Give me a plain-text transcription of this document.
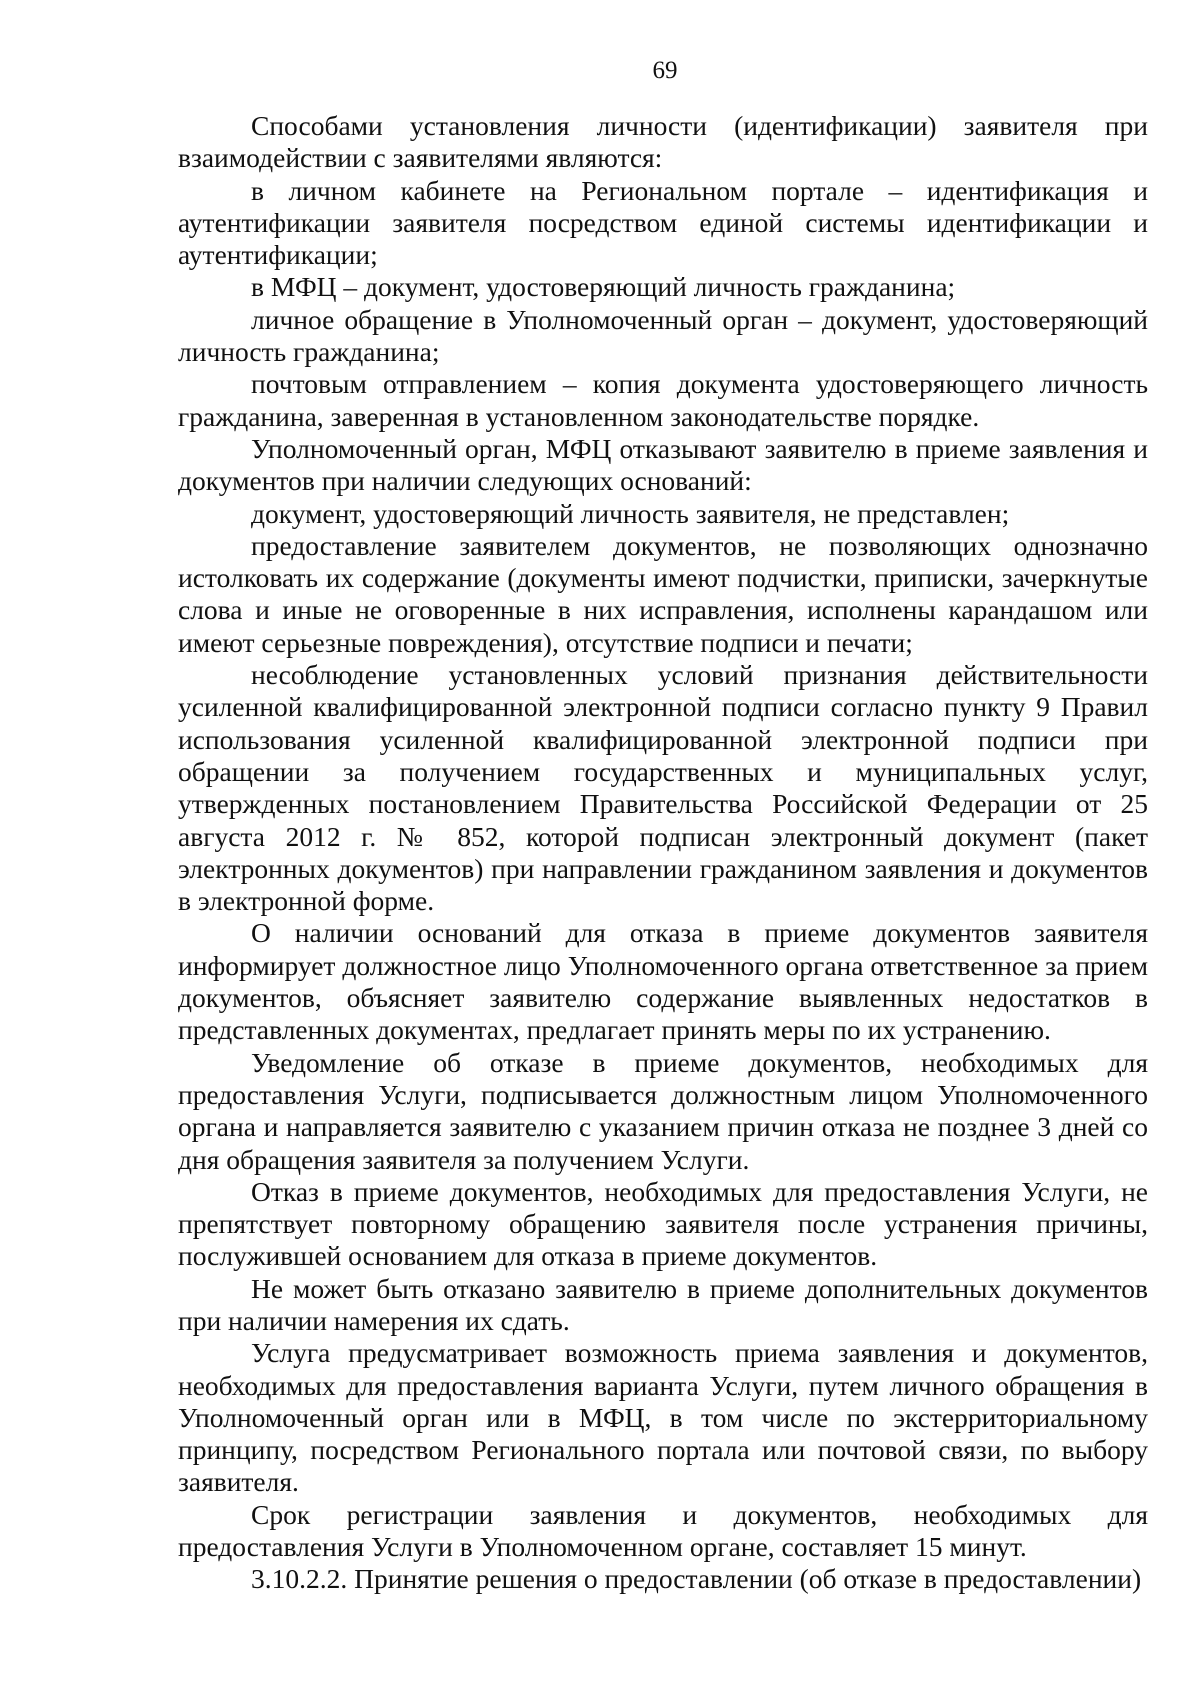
69

Способами установления личности (идентификации) заявителя при взаимодействии с заявителями являются:

в личном кабинете на Региональном портале – идентификация и аутентификации заявителя посредством единой системы идентификации и аутентификации;

в МФЦ – документ, удостоверяющий личность гражданина;

личное обращение в Уполномоченный орган – документ, удостоверяющий личность гражданина;

почтовым отправлением – копия документа удостоверяющего личность гражданина, заверенная в установленном законодательстве порядке.

Уполномоченный орган, МФЦ отказывают заявителю в приеме заявления и документов при наличии следующих оснований:

документ, удостоверяющий личность заявителя, не представлен;

предоставление заявителем документов, не позволяющих однозначно истолковать их содержание (документы имеют подчистки, приписки, зачеркнутые слова и иные не оговоренные в них исправления, исполнены карандашом или имеют серьезные повреждения), отсутствие подписи и печати;

несоблюдение установленных условий признания действительности усиленной квалифицированной электронной подписи согласно пункту 9 Правил использования усиленной квалифицированной электронной подписи при обращении за получением государственных и муниципальных услуг, утвержденных постановлением Правительства Российской Федерации от 25 августа 2012 г. № 852, которой подписан электронный документ (пакет электронных документов) при направлении гражданином заявления и документов в электронной форме.

О наличии оснований для отказа в приеме документов заявителя информирует должностное лицо Уполномоченного органа ответственное за прием документов, объясняет заявителю содержание выявленных недостатков в представленных документах, предлагает принять меры по их устранению.

Уведомление об отказе в приеме документов, необходимых для предоставления Услуги, подписывается должностным лицом Уполномоченного органа и направляется заявителю с указанием причин отказа не позднее 3 дней со дня обращения заявителя за получением Услуги.

Отказ в приеме документов, необходимых для предоставления Услуги, не препятствует повторному обращению заявителя после устранения причины, послужившей основанием для отказа в приеме документов.

Не может быть отказано заявителю в приеме дополнительных документов при наличии намерения их сдать.

Услуга предусматривает возможность приема заявления и документов, необходимых для предоставления варианта Услуги, путем личного обращения в Уполномоченный орган или в МФЦ, в том числе по экстерриториальному принципу, посредством Регионального портала или почтовой связи, по выбору заявителя.

Срок регистрации заявления и документов, необходимых для предоставления Услуги в Уполномоченном органе, составляет 15 минут.

3.10.2.2. Принятие решения о предоставлении (об отказе в предоставлении)
